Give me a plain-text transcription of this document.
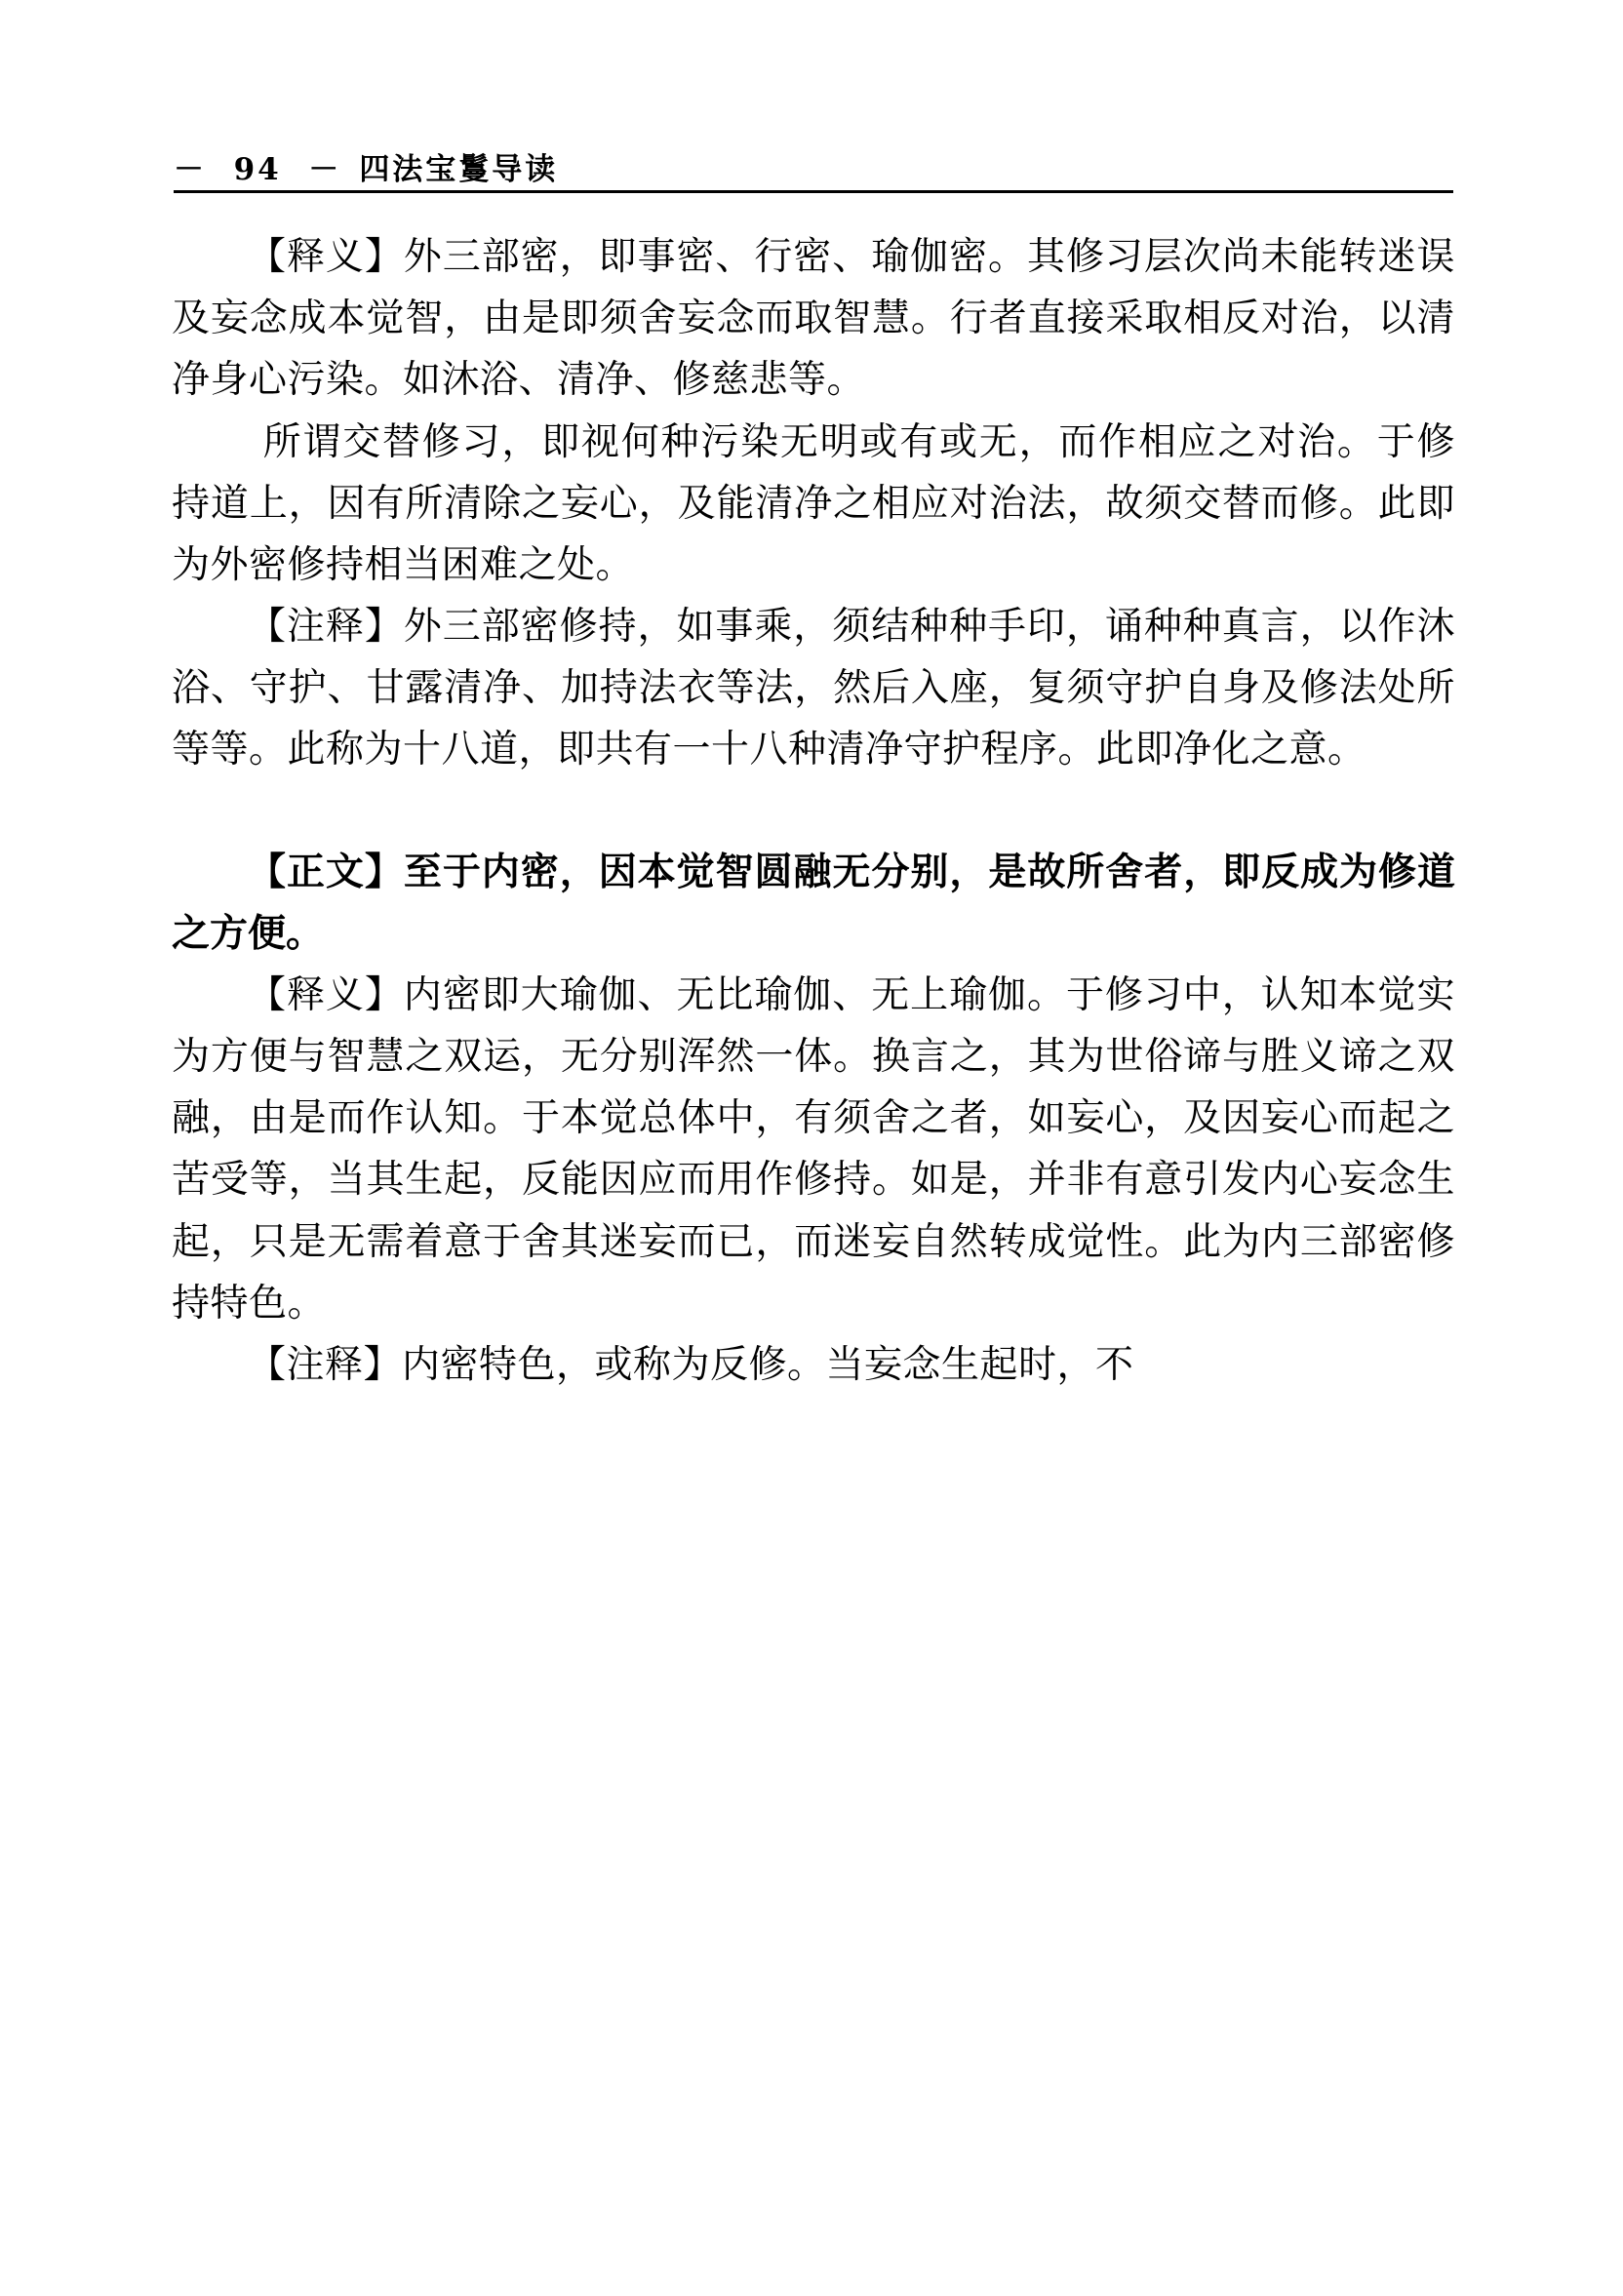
－  94  － 四法宝鬘导读

【释义】外三部密，即事密、行密、瑜伽密。其修习层次尚未能转迷误及妄念成本觉智，由是即须舍妄念而取智慧。行者直接采取相反对治，以清净身心污染。如沐浴、清净、修慈悲等。

所谓交替修习，即视何种污染无明或有或无，而作相应之对治。于修持道上，因有所清除之妄心，及能清净之相应对治法，故须交替而修。此即为外密修持相当困难之处。

【注释】外三部密修持，如事乘，须结种种手印，诵种种真言，以作沐浴、守护、甘露清净、加持法衣等法，然后入座，复须守护自身及修法处所等等。此称为十八道，即共有一十八种清净守护程序。此即净化之意。

【正文】至于内密，因本觉智圆融无分别，是故所舍者，即反成为修道之方便。

【释义】内密即大瑜伽、无比瑜伽、无上瑜伽。于修习中，认知本觉实为方便与智慧之双运，无分别浑然一体。换言之，其为世俗谛与胜义谛之双融，由是而作认知。于本觉总体中，有须舍之者，如妄心，及因妄心而起之苦受等，当其生起，反能因应而用作修持。如是，并非有意引发内心妄念生起，只是无需着意于舍其迷妄而已，而迷妄自然转成觉性。此为内三部密修持特色。

【注释】内密特色，或称为反修。当妄念生起时，不
